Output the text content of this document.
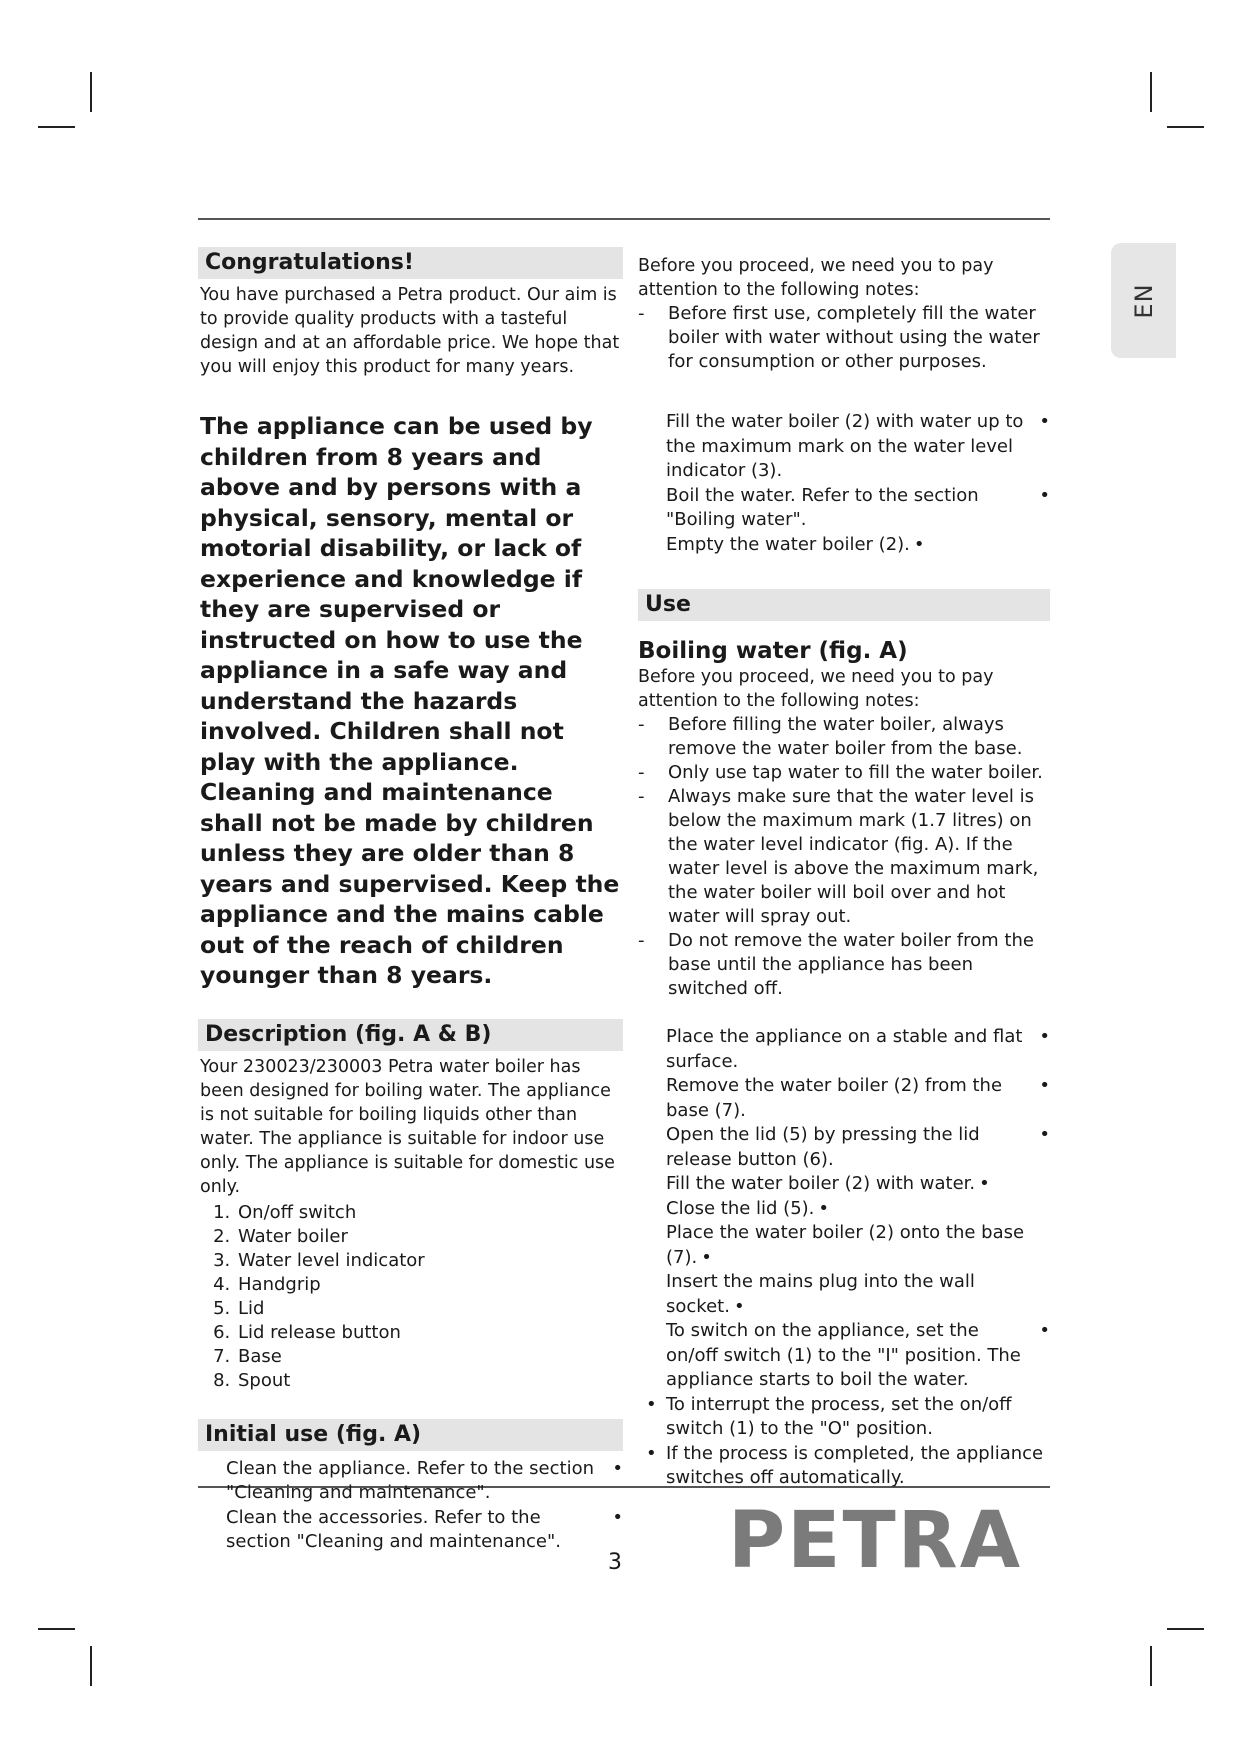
EN
Congratulations!
You have purchased a Petra product. Our aim is to provide quality products with a tasteful design and at an affordable price. We hope that you will enjoy this product for many years.
The appliance can be used by children from 8 years and above and by persons with a physical, sensory, mental or motorial disability, or lack of experience and knowledge if they are supervised or instructed on how to use the appliance in a safe way and understand the hazards involved. Children shall not play with the appliance. Cleaning and maintenance shall not be made by children unless they are older than 8 years and supervised. Keep the appliance and the mains cable out of the reach of children younger than 8 years.
Description (fig. A & B)
Your 230023/230003 Petra water boiler has been designed for boiling water. The appliance is not suitable for boiling liquids other than water. The appliance is suitable for indoor use only. The appliance is suitable for domestic use only.
1. On/off switch
2. Water boiler
3. Water level indicator
4. Handgrip
5. Lid
6. Lid release button
7. Base
8. Spout
Initial use (fig. A)
Clean the appliance. Refer to the section "Cleaning and maintenance".
•
Clean the accessories. Refer to the section "Cleaning and maintenance".
•
Before you proceed, we need you to pay attention to the following notes:
- Before first use, completely fill the water boiler with water without using the water for consumption or other purposes.
Fill the water boiler (2) with water up to the maximum mark on the water level indicator (3).
•
Boil the water. Refer to the section "Boiling water".
•
Empty the water boiler (2). •
Use
Boiling water (fig. A)
Before you proceed, we need you to pay attention to the following notes:
- Before filling the water boiler, always remove the water boiler from the base.
- Only use tap water to fill the water boiler.
- Always make sure that the water level is below the maximum mark (1.7 litres) on the water level indicator (fig. A). If the water level is above the maximum mark, the water boiler will boil over and hot water will spray out.
- Do not remove the water boiler from the base until the appliance has been switched off.
Place the appliance on a stable and flat surface.
•
Remove the water boiler (2) from the base (7).
•
Open the lid (5) by pressing the lid release button (6).
•
Fill the water boiler (2) with water. •
Close the lid (5). •
Place the water boiler (2) onto the base (7). •
Insert the mains plug into the wall socket. •
To switch on the appliance, set the on/off switch (1) to the "I" position. The appliance starts to boil the water.
•
• To interrupt the process, set the on/off switch (1) to the "O" position.
• If the process is completed, the appliance switches off automatically.
3 PETRA
